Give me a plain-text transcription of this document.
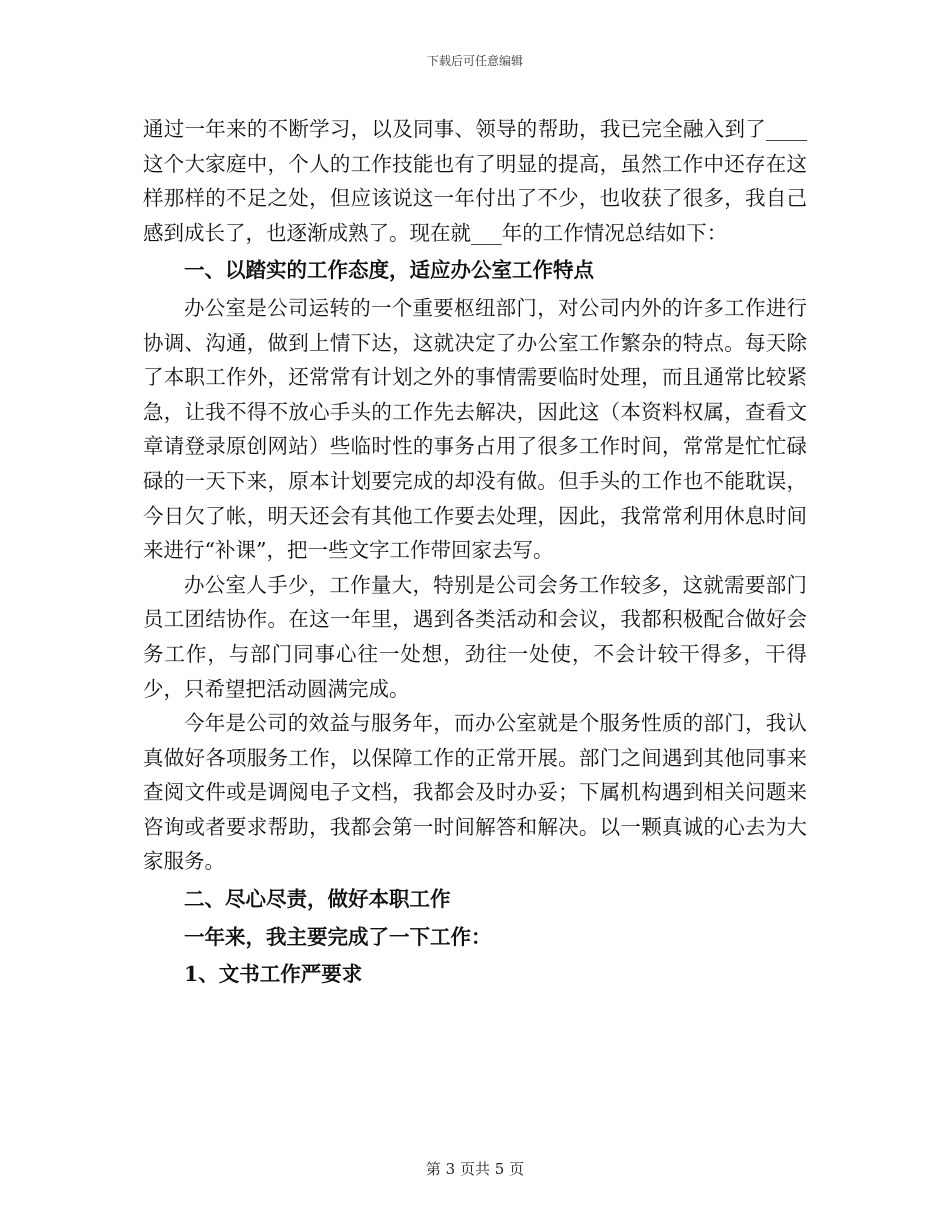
下载后可任意编辑

通过一年来的不断学习，以及同事、领导的帮助，我已完全融入到了____这个大家庭中，个人的工作技能也有了明显的提高，虽然工作中还存在这样那样的不足之处，但应该说这一年付出了不少，也收获了很多，我自己感到成长了，也逐渐成熟了。现在就___年的工作情况总结如下：

一、以踏实的工作态度，适应办公室工作特点

办公室是公司运转的一个重要枢纽部门，对公司内外的许多工作进行协调、沟通，做到上情下达，这就决定了办公室工作繁杂的特点。每天除了本职工作外，还常常有计划之外的事情需要临时处理，而且通常比较紧急，让我不得不放心手头的工作先去解决，因此这（本资料权属，查看文章请登录原创网站）些临时性的事务占用了很多工作时间，常常是忙忙碌碌的一天下来，原本计划要完成的却没有做。但手头的工作也不能耽误，今日欠了帐，明天还会有其他工作要去处理，因此，我常常利用休息时间来进行“补课”，把一些文字工作带回家去写。

办公室人手少，工作量大，特别是公司会务工作较多，这就需要部门员工团结协作。在这一年里，遇到各类活动和会议，我都积极配合做好会务工作，与部门同事心往一处想，劲往一处使，不会计较干得多，干得少，只希望把活动圆满完成。

今年是公司的效益与服务年，而办公室就是个服务性质的部门，我认真做好各项服务工作，以保障工作的正常开展。部门之间遇到其他同事来查阅文件或是调阅电子文档，我都会及时办妥；下属机构遇到相关问题来咨询或者要求帮助，我都会第一时间解答和解决。以一颗真诚的心去为大家服务。

二、尽心尽责，做好本职工作

一年来，我主要完成了一下工作：

1、文书工作严要求

第 3 页共 5 页
